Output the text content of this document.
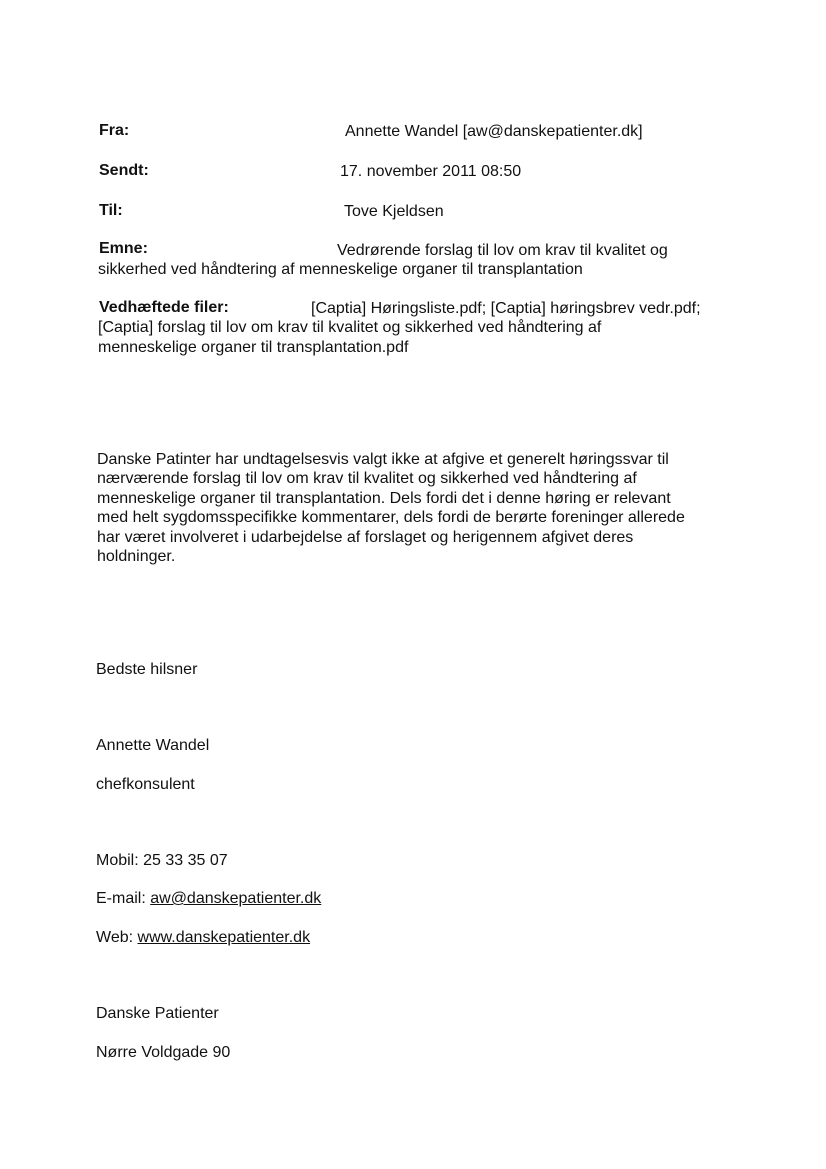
Fra:	Annette Wandel [aw@danskepatienter.dk]
Sendt:	17. november 2011 08:50
Til:	Tove Kjeldsen
Emne:	Vedrørende forslag til lov om krav til kvalitet og
sikkerhed ved håndtering af menneskelige organer til transplantation
Vedhæftede filer:	[Captia] Høringsliste.pdf; [Captia] høringsbrev vedr.pdf;
[Captia] forslag til lov om krav til kvalitet og sikkerhed ved håndtering af
menneskelige organer til transplantation.pdf
Danske Patinter har undtagelsesvis valgt ikke at afgive et generelt høringssvar til
nærværende forslag til lov om krav til kvalitet og sikkerhed ved håndtering af
menneskelige organer til transplantation. Dels fordi det i denne høring er relevant
med helt sygdomsspecifikke kommentarer, dels fordi de berørte foreninger allerede
har været involveret i udarbejdelse af forslaget og herigennem afgivet deres
holdninger.
Bedste hilsner
Annette Wandel
chefkonsulent
Mobil: 25 33 35 07
E-mail: aw@danskepatienter.dk
Web: www.danskepatienter.dk
Danske Patienter
Nørre Voldgade 90
